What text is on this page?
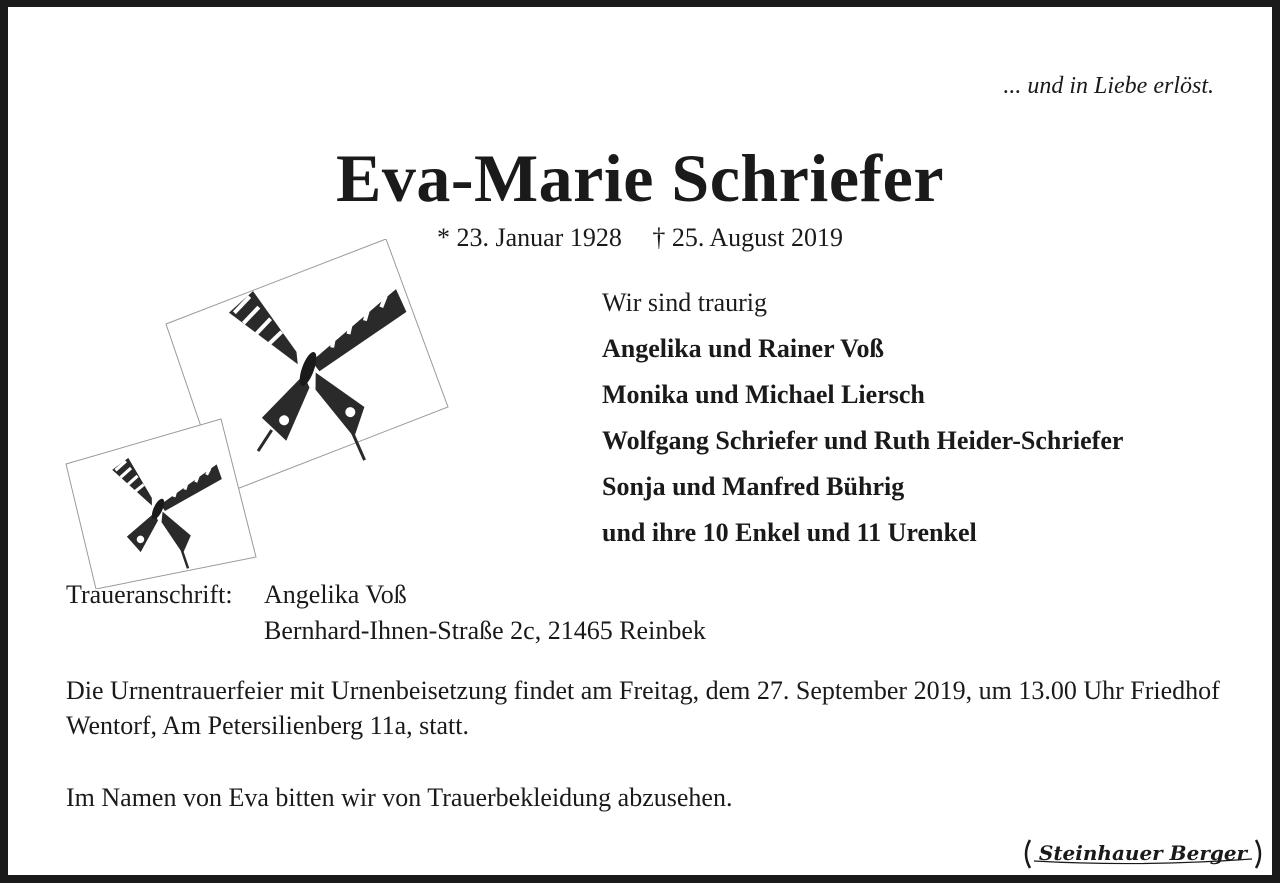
... und in Liebe erlöst.
Eva-Marie Schriefer
* 23. Januar 1928 † 25. August 2019
Wir sind traurig
Angelika und Rainer Voß
Monika und Michael Liersch
Wolfgang Schriefer und Ruth Heider-Schriefer
Sonja und Manfred Bührig
und ihre 10 Enkel und 11 Urenkel
Traueranschrift: Angelika Voß
Bernhard-Ihnen-Straße 2c, 21465 Reinbek
Die Urnentrauerfeier mit Urnenbeisetzung findet am Freitag, dem 27. September 2019, um 13.00 Uhr Friedhof Wentorf, Am Petersilienberg 11a, statt.
Im Namen von Eva bitten wir von Trauerbekleidung abzusehen.
Steinhauer Berger
